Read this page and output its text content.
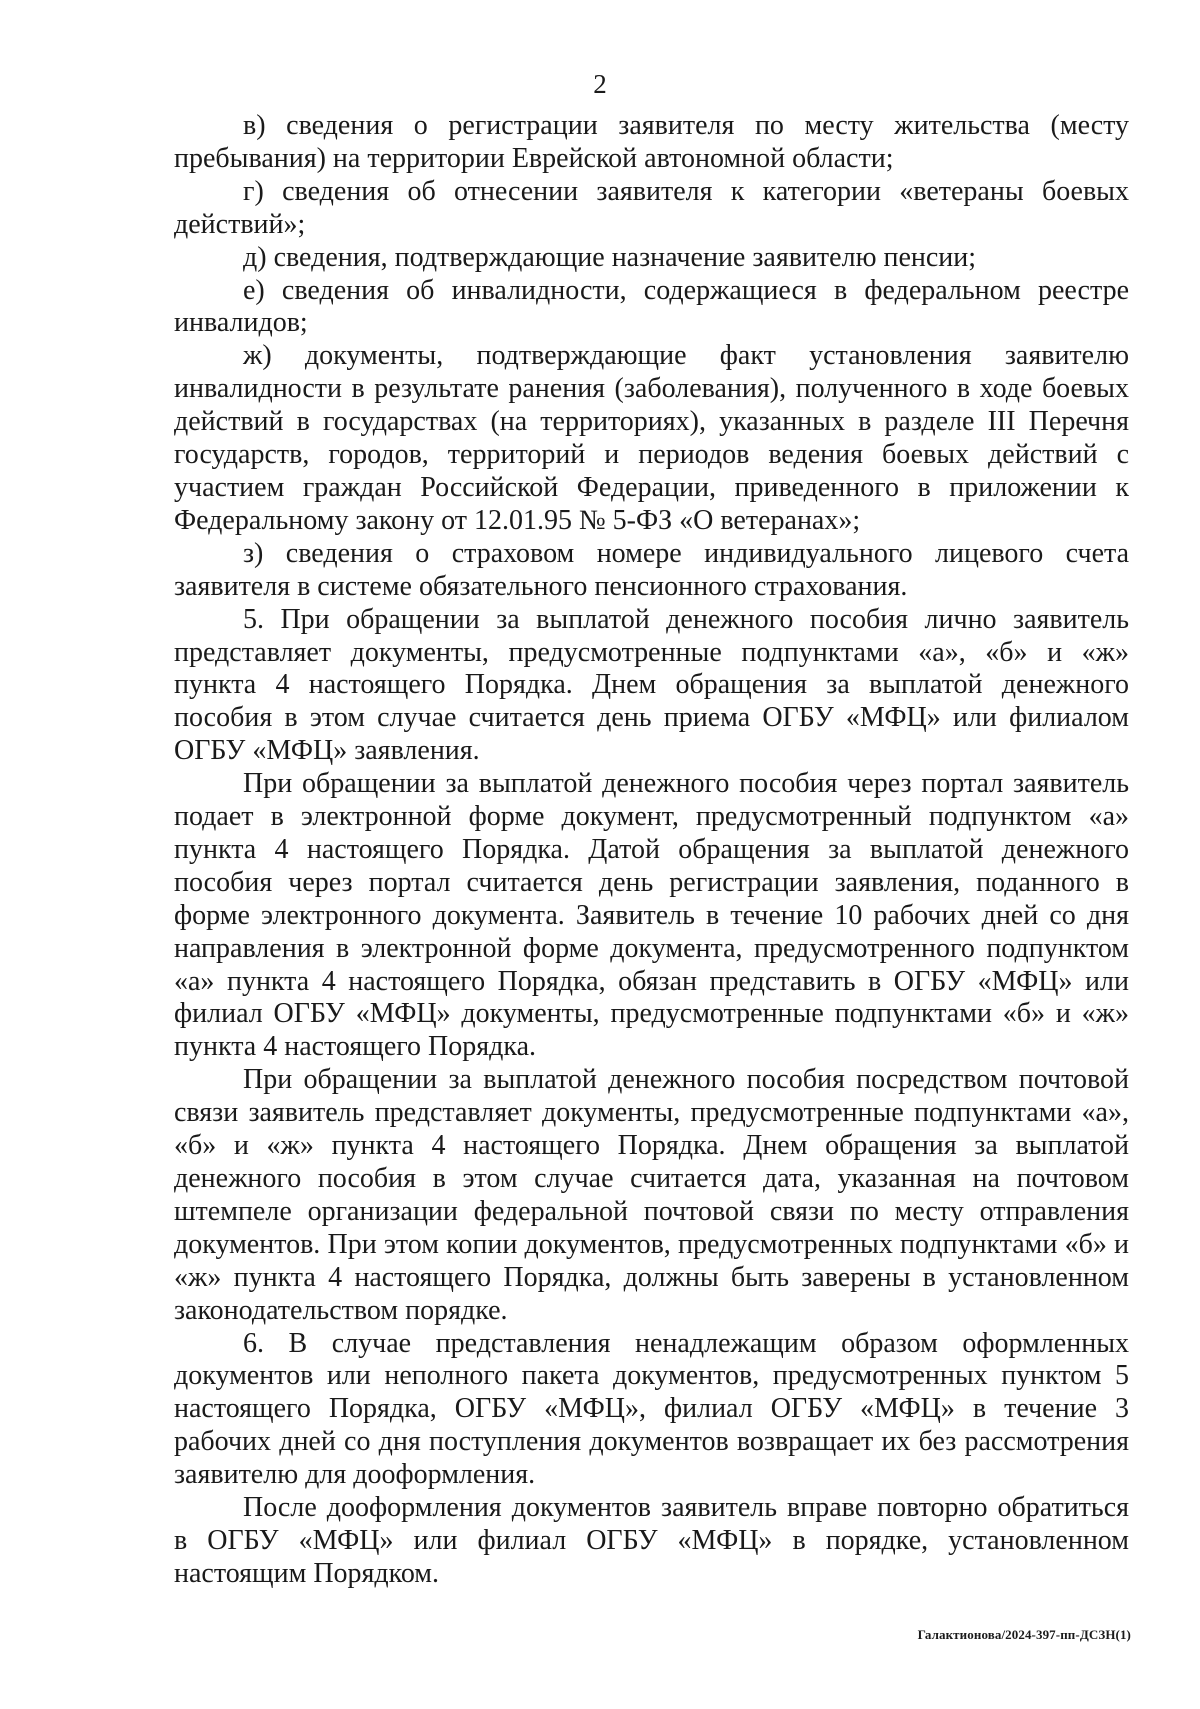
2

в) сведения о регистрации заявителя по месту жительства (месту пребывания) на территории Еврейской автономной области;

г) сведения об отнесении заявителя к категории «ветераны боевых действий»;

д) сведения, подтверждающие назначение заявителю пенсии;

е) сведения об инвалидности, содержащиеся в федеральном реестре инвалидов;

ж) документы, подтверждающие факт установления заявителю инвалидности в результате ранения (заболевания), полученного в ходе боевых действий в государствах (на территориях), указанных в разделе III Перечня государств, городов, территорий и периодов ведения боевых действий с участием граждан Российской Федерации, приведенного в приложении к Федеральному закону от 12.01.95 № 5-ФЗ «О ветеранах»;

з) сведения о страховом номере индивидуального лицевого счета заявителя в системе обязательного пенсионного страхования.

5. При обращении за выплатой денежного пособия лично заявитель представляет документы, предусмотренные подпунктами «а», «б» и «ж» пункта 4 настоящего Порядка. Днем обращения за выплатой денежного пособия в этом случае считается день приема ОГБУ «МФЦ» или филиалом ОГБУ «МФЦ» заявления.

При обращении за выплатой денежного пособия через портал заявитель подает в электронной форме документ, предусмотренный подпунктом «а» пункта 4 настоящего Порядка. Датой обращения за выплатой денежного пособия через портал считается день регистрации заявления, поданного в форме электронного документа. Заявитель в течение 10 рабочих дней со дня направления в электронной форме документа, предусмотренного подпунктом «а» пункта 4 настоящего Порядка, обязан представить в ОГБУ «МФЦ» или филиал ОГБУ «МФЦ» документы, предусмотренные подпунктами «б» и «ж» пункта 4 настоящего Порядка.

При обращении за выплатой денежного пособия посредством почтовой связи заявитель представляет документы, предусмотренные подпунктами «а», «б» и «ж» пункта 4 настоящего Порядка. Днем обращения за выплатой денежного пособия в этом случае считается дата, указанная на почтовом штемпеле организации федеральной почтовой связи по месту отправления документов. При этом копии документов, предусмотренных подпунктами «б» и «ж» пункта 4 настоящего Порядка, должны быть заверены в установленном законодательством порядке.

6. В случае представления ненадлежащим образом оформленных документов или неполного пакета документов, предусмотренных пунктом 5 настоящего Порядка, ОГБУ «МФЦ», филиал ОГБУ «МФЦ» в течение 3 рабочих дней со дня поступления документов возвращает их без рассмотрения заявителю для дооформления.

После дооформления документов заявитель вправе повторно обратиться в ОГБУ «МФЦ» или филиал ОГБУ «МФЦ» в порядке, установленном настоящим Порядком.

Галактионова/2024-397-пп-ДСЗН(1)
